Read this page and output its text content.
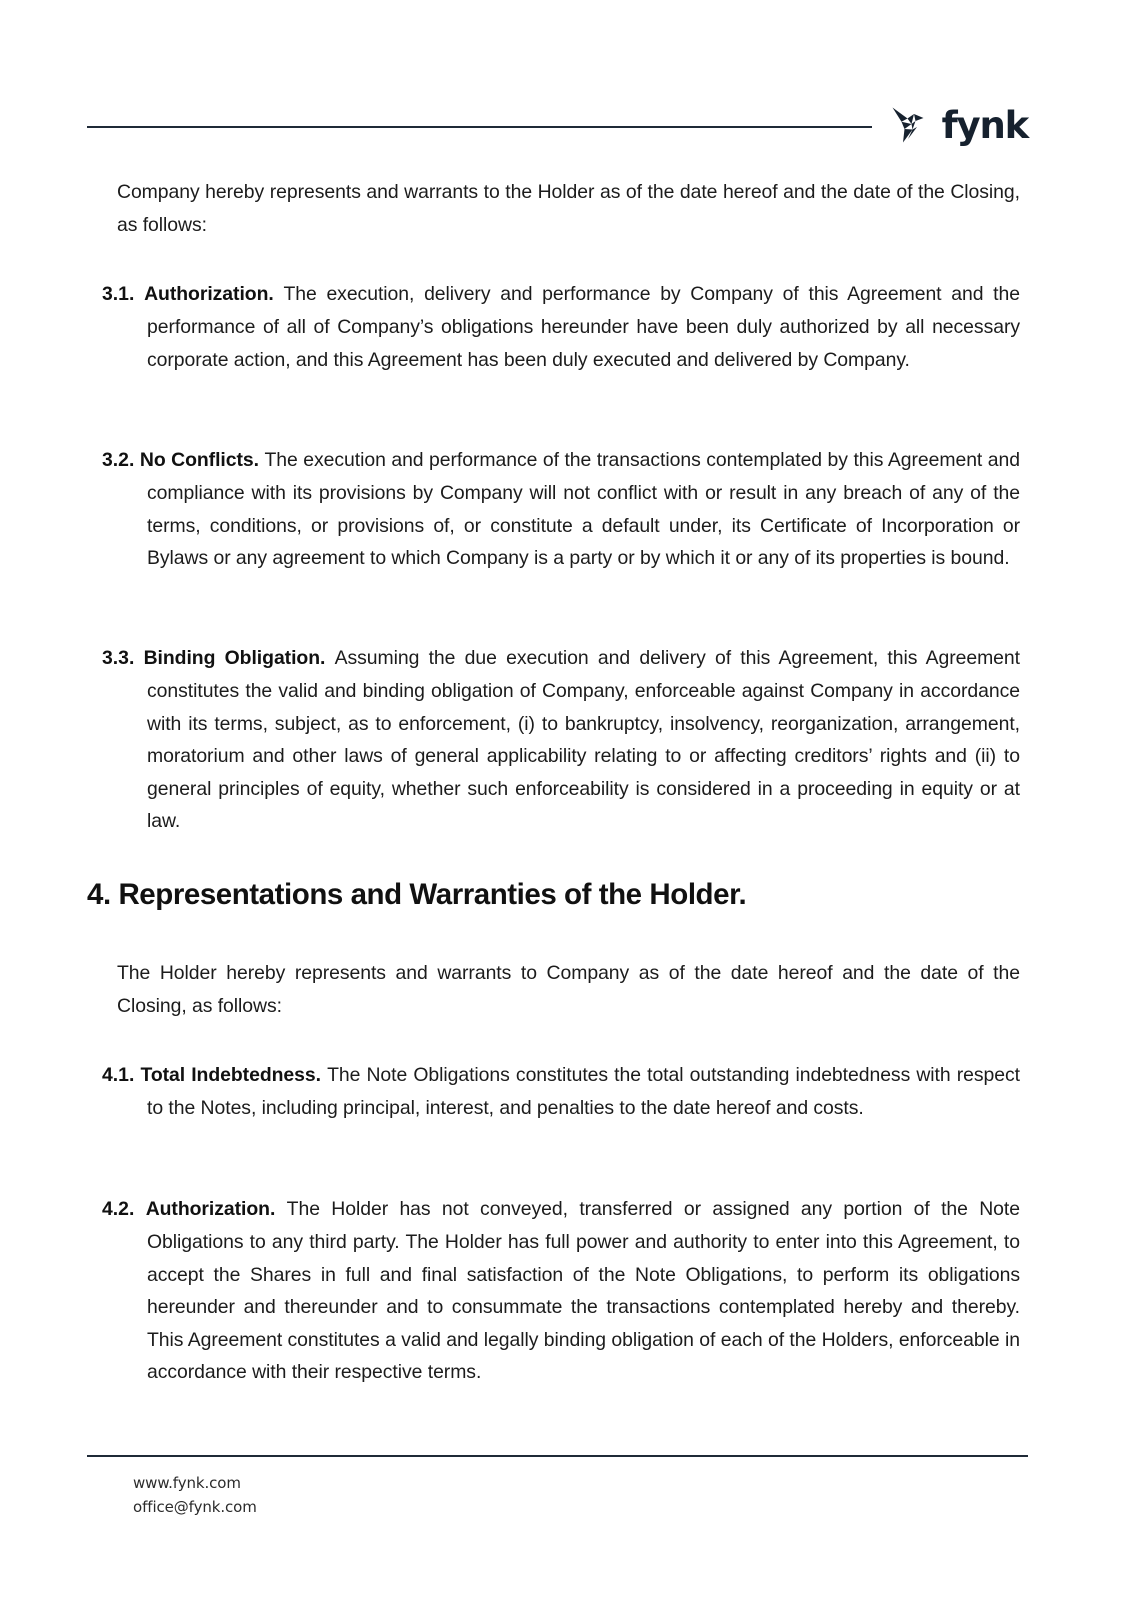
fynk

Company hereby represents and warrants to the Holder as of the date hereof and the date of the Closing, as follows:

3.1. Authorization. The execution, delivery and performance by Company of this Agreement and the performance of all of Company’s obligations hereunder have been duly authorized by all necessary corporate action, and this Agreement has been duly executed and delivered by Company.

3.2. No Conflicts. The execution and performance of the transactions contemplated by this Agreement and compliance with its provisions by Company will not conflict with or result in any breach of any of the terms, conditions, or provisions of, or constitute a default under, its Certificate of Incorporation or Bylaws or any agreement to which Company is a party or by which it or any of its properties is bound.

3.3. Binding Obligation. Assuming the due execution and delivery of this Agreement, this Agreement constitutes the valid and binding obligation of Company, enforceable against Company in accordance with its terms, subject, as to enforcement, (i) to bankruptcy, insolvency, reorganization, arrangement, moratorium and other laws of general applicability relating to or affecting creditors’ rights and (ii) to general principles of equity, whether such enforceability is considered in a proceeding in equity or at law.

4. Representations and Warranties of the Holder.

The Holder hereby represents and warrants to Company as of the date hereof and the date of the Closing, as follows:

4.1. Total Indebtedness. The Note Obligations constitutes the total outstanding indebtedness with respect to the Notes, including principal, interest, and penalties to the date hereof and costs.

4.2. Authorization. The Holder has not conveyed, transferred or assigned any portion of the Note Obligations to any third party. The Holder has full power and authority to enter into this Agreement, to accept the Shares in full and final satisfaction of the Note Obligations, to perform its obligations hereunder and thereunder and to consummate the transactions contemplated hereby and thereby. This Agreement constitutes a valid and legally binding obligation of each of the Holders, enforceable in accordance with their respective terms.

www.fynk.com
office@fynk.com
